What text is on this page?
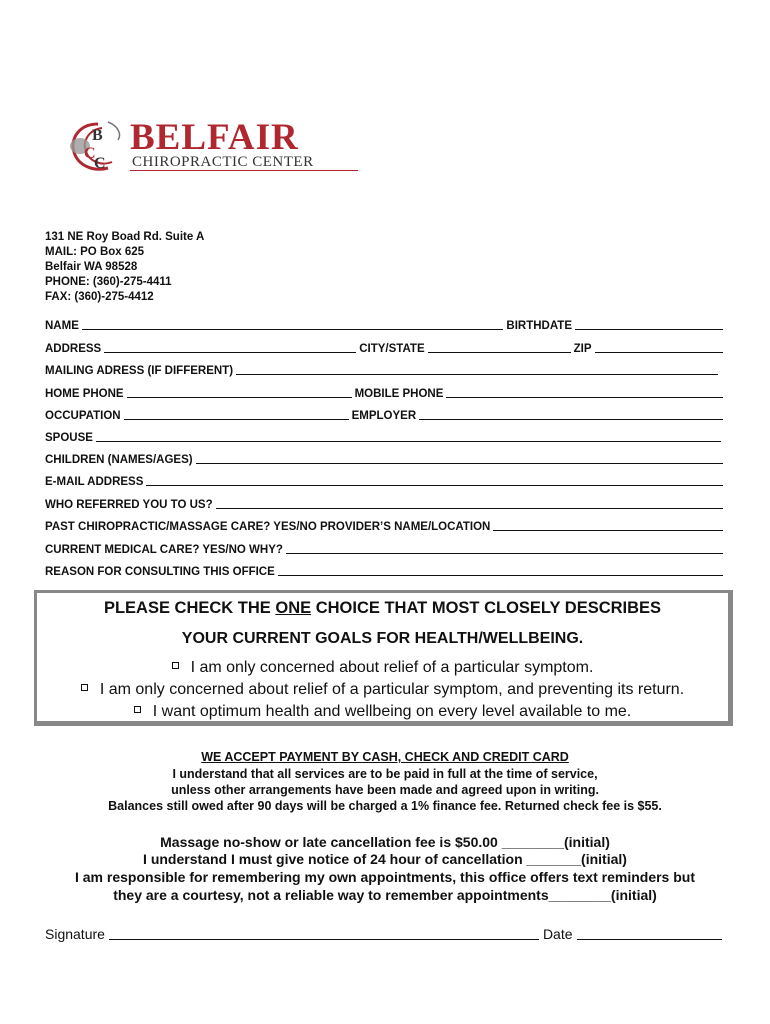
B
C
C
BELFAIR
CHIROPRACTIC CENTER
131 NE Roy Boad Rd. Suite A
MAIL: PO Box 625
Belfair WA 98528
PHONE: (360)-275-4411
FAX: (360)-275-4412
NAME	BIRTHDATE
ADDRESS	CITY/STATE	ZIP
MAILING ADRESS (IF DIFFERENT)
HOME PHONE	MOBILE PHONE
OCCUPATION	EMPLOYER
SPOUSE
CHILDREN (NAMES/AGES)
E-MAIL ADDRESS
WHO REFERRED YOU TO US?
PAST CHIROPRACTIC/MASSAGE CARE? YES/NO PROVIDER’S NAME/LOCATION
CURRENT MEDICAL CARE? YES/NO WHY?
REASON FOR CONSULTING THIS OFFICE
PLEASE CHECK THE ONE CHOICE THAT MOST CLOSELY DESCRIBES
YOUR CURRENT GOALS FOR HEALTH/WELLBEING.
I am only concerned about relief of a particular symptom.
I am only concerned about relief of a particular symptom, and preventing its return.
I want optimum health and wellbeing on every level available to me.
WE ACCEPT PAYMENT BY CASH, CHECK AND CREDIT CARD
I understand that all services are to be paid in full at the time of service,
unless other arrangements have been made and agreed upon in writing.
Balances still owed after 90 days will be charged a 1% finance fee. Returned check fee is $55.
Massage no-show or late cancellation fee is $50.00 ________(initial)
I understand I must give notice of 24 hour of cancellation _______(initial)
I am responsible for remembering my own appointments, this office offers text reminders but
they are a courtesy, not a reliable way to remember appointments________(initial)
Signature	Date
